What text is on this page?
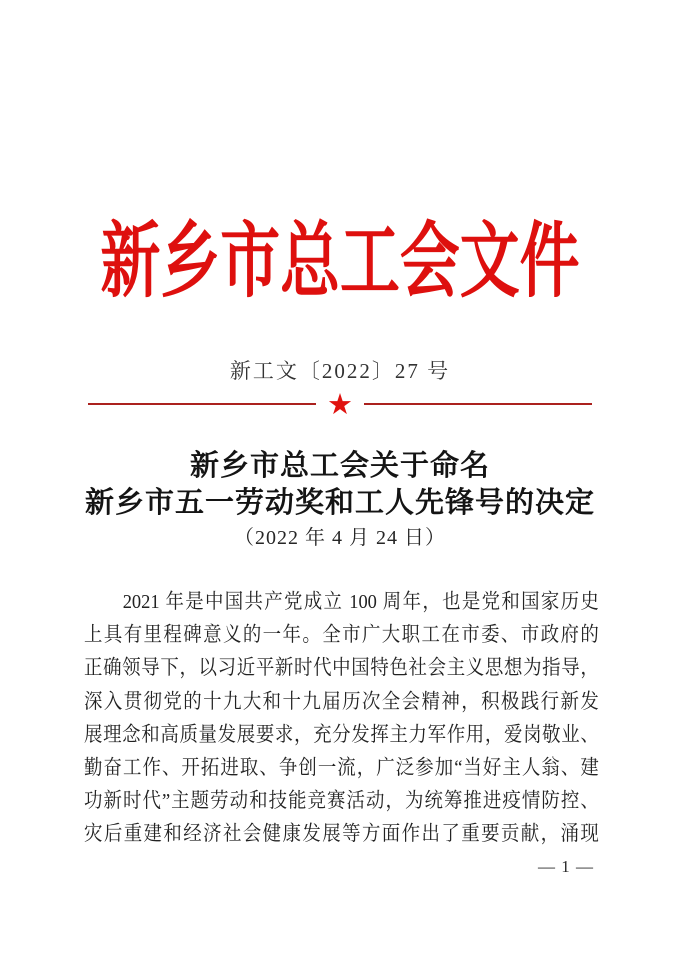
新乡市总工会文件
新工文〔2022〕27 号
★
新乡市总工会关于命名
新乡市五一劳动奖和工人先锋号的决定
（2022 年 4 月 24 日）
2021 年是中国共产党成立 100 周年，也是党和国家历史
上具有里程碑意义的一年。全市广大职工在市委、市政府的
正确领导下，以习近平新时代中国特色社会主义思想为指导，
深入贯彻党的十九大和十九届历次全会精神，积极践行新发
展理念和高质量发展要求，充分发挥主力军作用，爱岗敬业、
勤奋工作、开拓进取、争创一流，广泛参加“当好主人翁、建
功新时代”主题劳动和技能竞赛活动，为统筹推进疫情防控、
灾后重建和经济社会健康发展等方面作出了重要贡献，涌现
— 1 —
